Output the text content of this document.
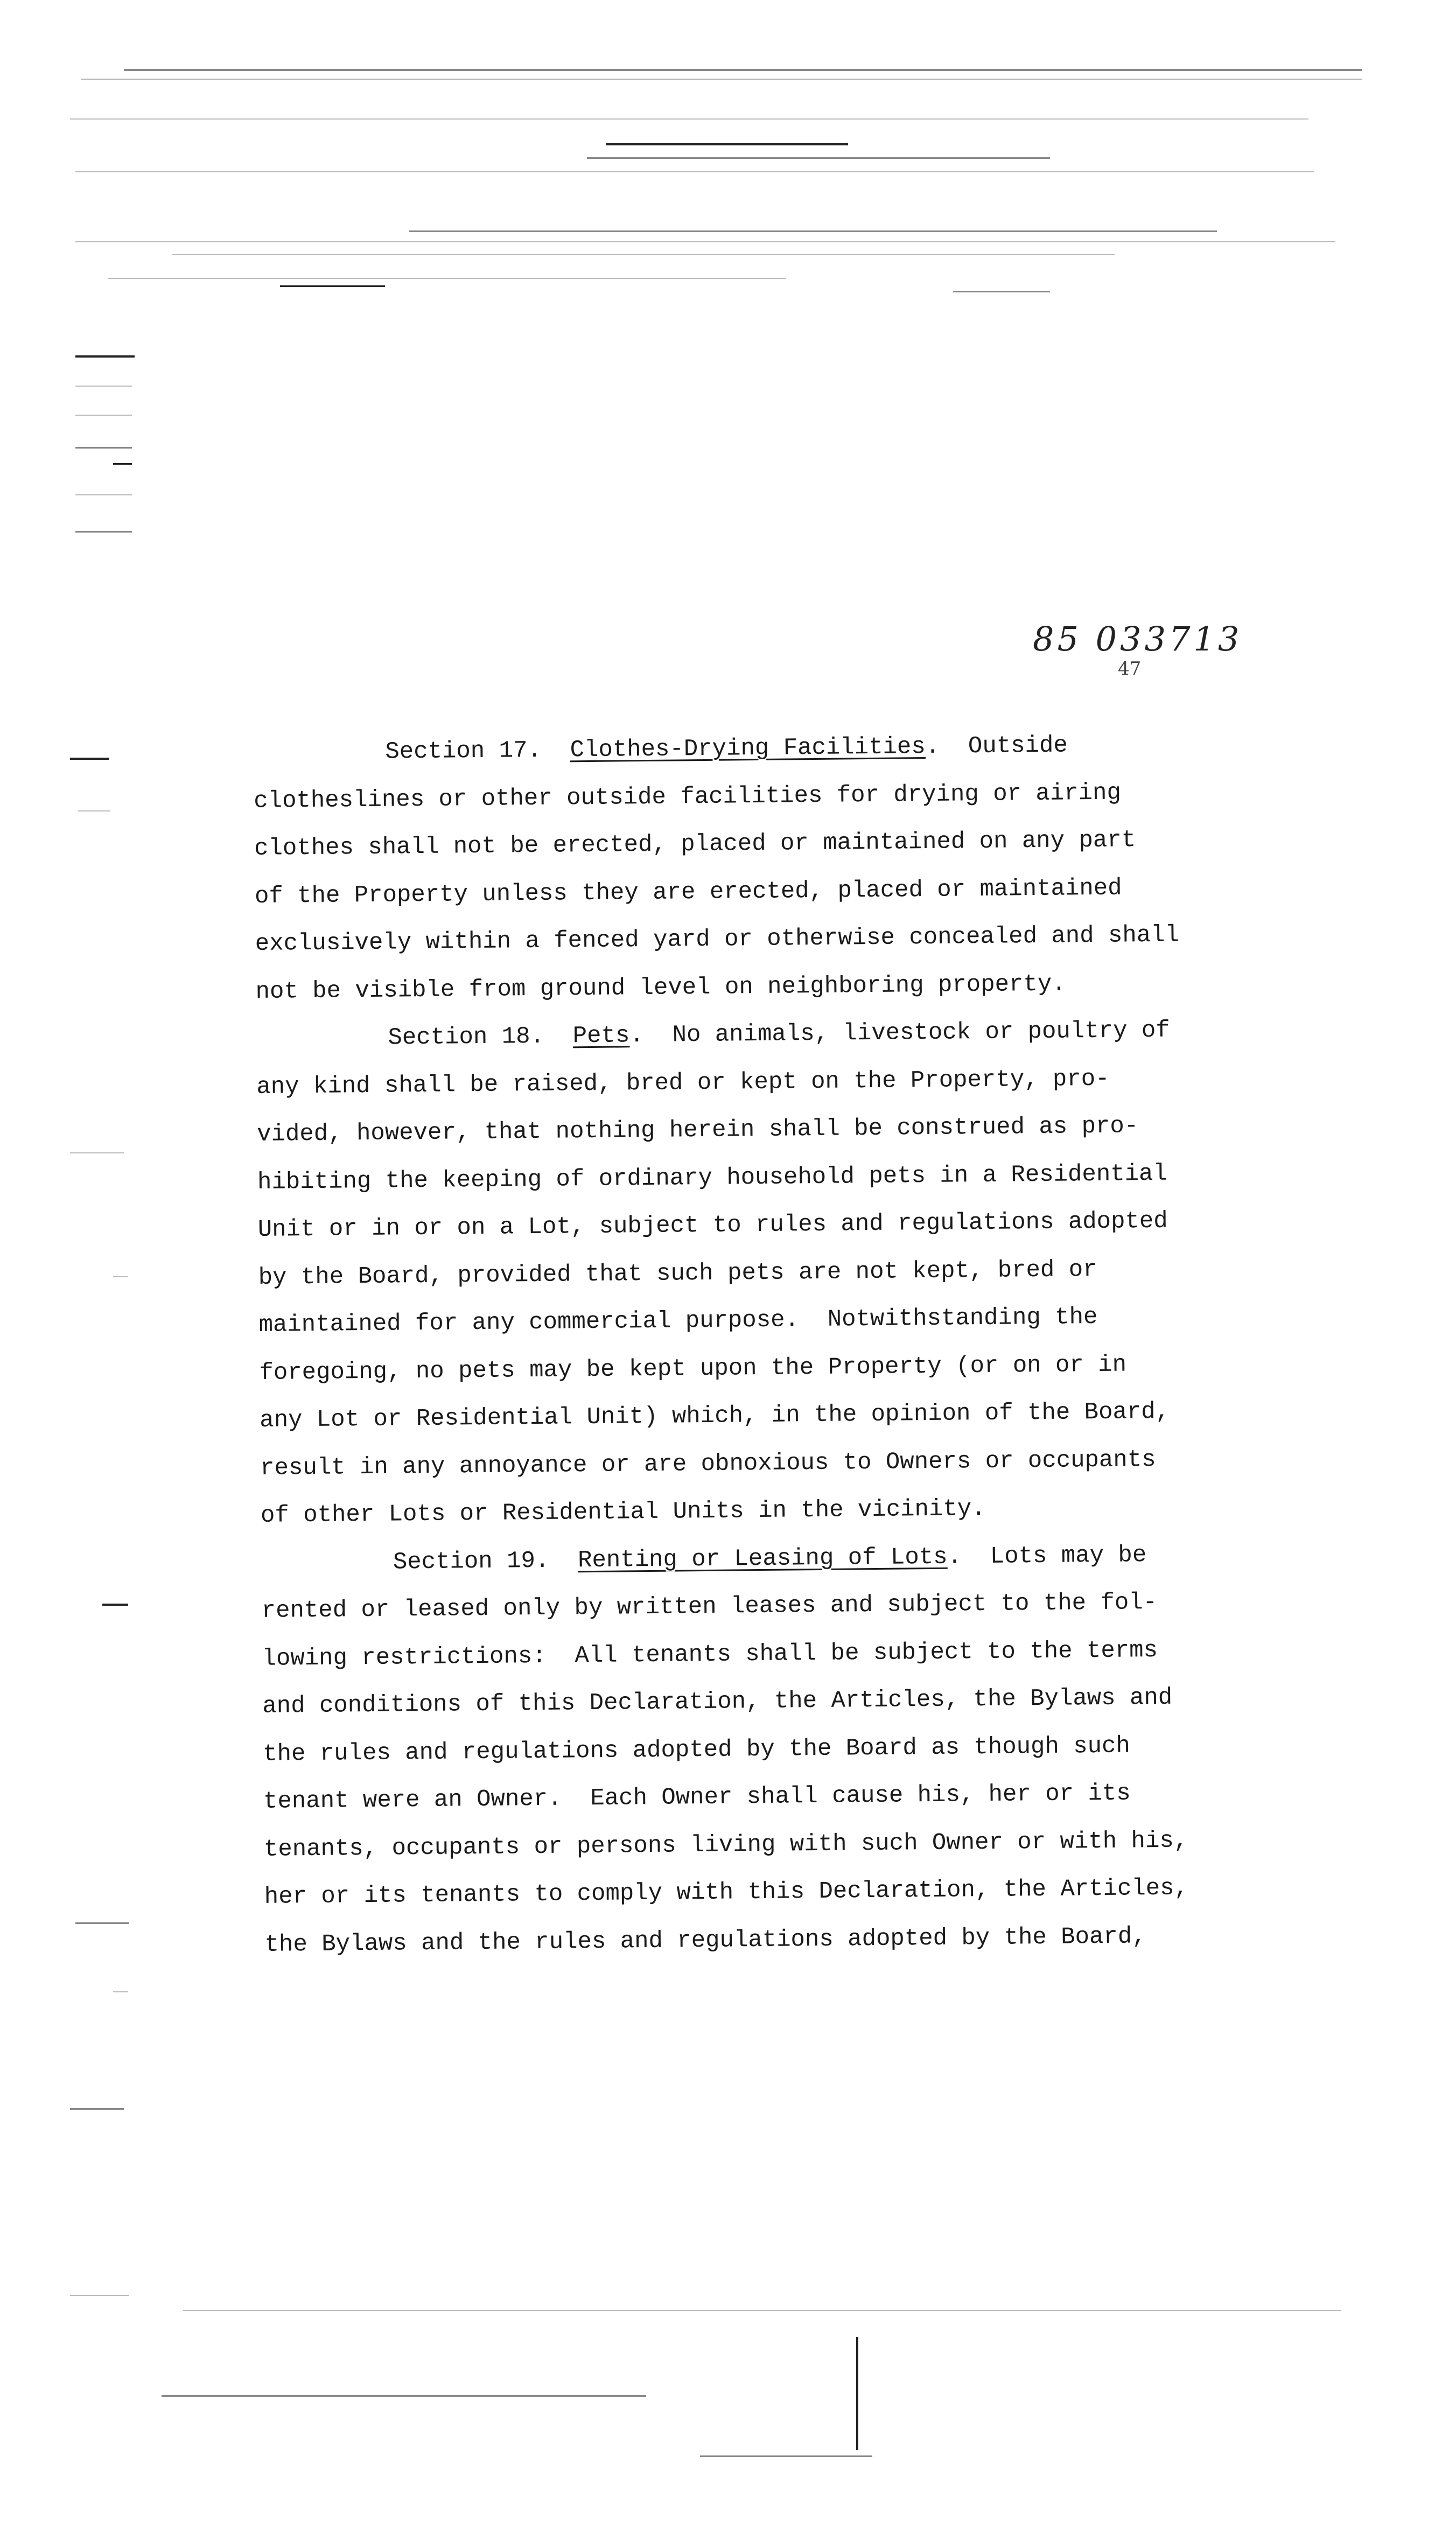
85 033713
47
Section 17. Clothes-Drying Facilities.  Outside
clotheslines or other outside facilities for drying or airing
clothes shall not be erected, placed or maintained on any part
of the Property unless they are erected, placed or maintained
exclusively within a fenced yard or otherwise concealed and shall
not be visible from ground level on neighboring property.
Section 18. Pets.  No animals, livestock or poultry of
any kind shall be raised, bred or kept on the Property, pro-
vided, however, that nothing herein shall be construed as pro-
hibiting the keeping of ordinary household pets in a Residential
Unit or in or on a Lot, subject to rules and regulations adopted
by the Board, provided that such pets are not kept, bred or
maintained for any commercial purpose.  Notwithstanding the
foregoing, no pets may be kept upon the Property (or on or in
any Lot or Residential Unit) which, in the opinion of the Board,
result in any annoyance or are obnoxious to Owners or occupants
of other Lots or Residential Units in the vicinity.
Section 19. Renting or Leasing of Lots.  Lots may be
rented or leased only by written leases and subject to the fol-
lowing restrictions:  All tenants shall be subject to the terms
and conditions of this Declaration, the Articles, the Bylaws and
the rules and regulations adopted by the Board as though such
tenant were an Owner.  Each Owner shall cause his, her or its
tenants, occupants or persons living with such Owner or with his,
her or its tenants to comply with this Declaration, the Articles,
the Bylaws and the rules and regulations adopted by the Board,
